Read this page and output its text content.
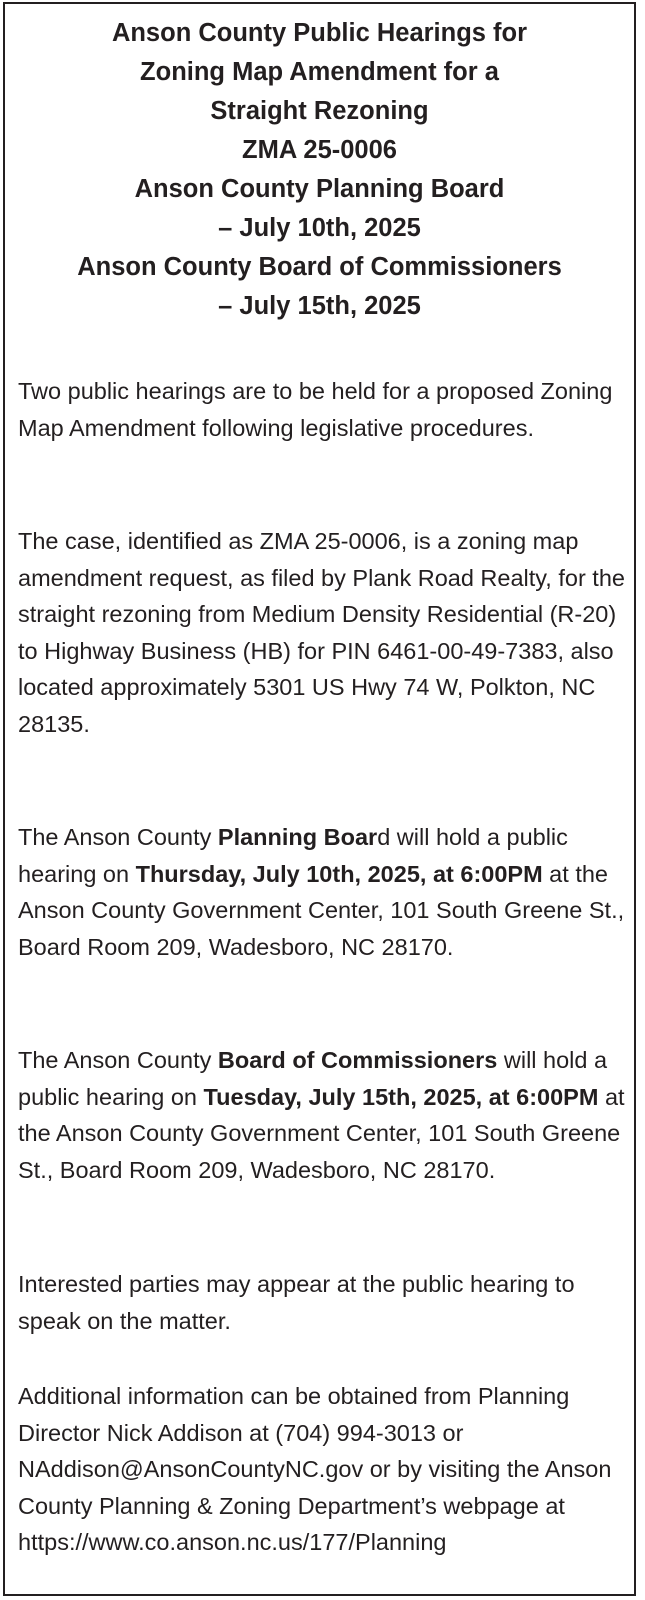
Anson County Public Hearings for
Zoning Map Amendment for a
Straight Rezoning
ZMA 25-0006
Anson County Planning Board
– July 10th, 2025
Anson County Board of Commissioners
– July 15th, 2025

Two public hearings are to be held for a proposed Zoning Map Amendment following legislative procedures.

The case, identified as ZMA 25-0006, is a zoning map amendment request, as filed by Plank Road Realty, for the straight rezoning from Medium Density Residential (R-20) to Highway Business (HB) for PIN 6461-00-49-7383, also located approximately 5301 US Hwy 74 W, Polkton, NC 28135.

The Anson County Planning Board will hold a public hearing on Thursday, July 10th, 2025, at 6:00PM at the Anson County Government Center, 101 South Greene St., Board Room 209, Wadesboro, NC 28170.

The Anson County Board of Commissioners will hold a public hearing on Tuesday, July 15th, 2025, at 6:00PM at the Anson County Government Center, 101 South Greene St., Board Room 209, Wadesboro, NC 28170.

Interested parties may appear at the public hearing to speak on the matter.

Additional information can be obtained from Planning Director Nick Addison at (704) 994-3013 or NAddison@AnsonCountyNC.gov or by visiting the Anson County Planning & Zoning Department’s webpage at https://www.co.anson.nc.us/177/Planning
